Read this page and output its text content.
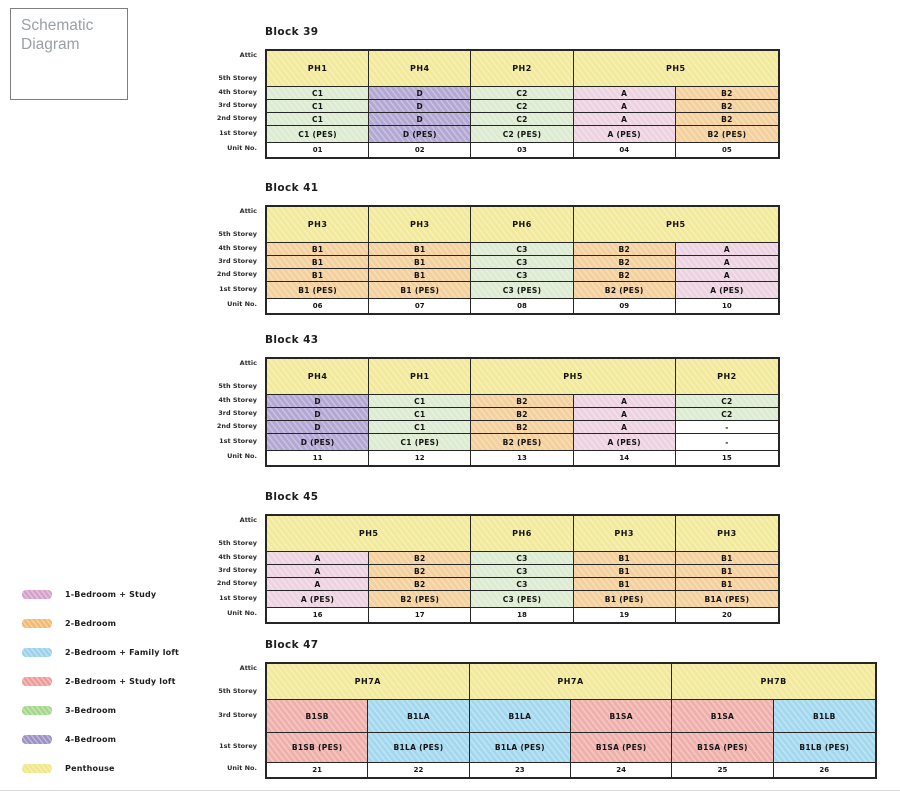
Schematic Diagram
Block 39
Attic
5th Storey
4th Storey
3rd Storey
2nd Storey
1st Storey
Unit No.
PH1	PH4	PH2	PH5
C1	D	C2	A	B2
C1	D	C2	A	B2
C1	D	C2	A	B2
C1 (PES)	D (PES)	C2 (PES)	A (PES)	B2 (PES)
01	02	03	04	05
Block 41
Attic
5th Storey
4th Storey
3rd Storey
2nd Storey
1st Storey
Unit No.
PH3	PH3	PH6	PH5
B1	B1	C3	B2	A
B1	B1	C3	B2	A
B1	B1	C3	B2	A
B1 (PES)	B1 (PES)	C3 (PES)	B2 (PES)	A (PES)
06	07	08	09	10
Block 43
Attic
5th Storey
4th Storey
3rd Storey
2nd Storey
1st Storey
Unit No.
PH4	PH1	PH5	PH2
D	C1	B2	A	C2
D	C1	B2	A	C2
D	C1	B2	A	-
D (PES)	C1 (PES)	B2 (PES)	A (PES)	-
11	12	13	14	15
Block 45
Attic
5th Storey
4th Storey
3rd Storey
2nd Storey
1st Storey
Unit No.
PH5	PH6	PH3	PH3
A	B2	C3	B1	B1
A	B2	C3	B1	B1
A	B2	C3	B1	B1
A (PES)	B2 (PES)	C3 (PES)	B1 (PES)	B1A (PES)
16	17	18	19	20
Block 47
Attic
5th Storey
3rd Storey
1st Storey
Unit No.
PH7A	PH7A	PH7B
B1SB	B1LA	B1LA	B1SA	B1SA	B1LB
B1SB (PES)	B1LA (PES)	B1LA (PES)	B1SA (PES)	B1SA (PES)	B1LB (PES)
21	22	23	24	25	26
1-Bedroom + Study
2-Bedroom
2-Bedroom + Family loft
2-Bedroom + Study loft
3-Bedroom
4-Bedroom
Penthouse
